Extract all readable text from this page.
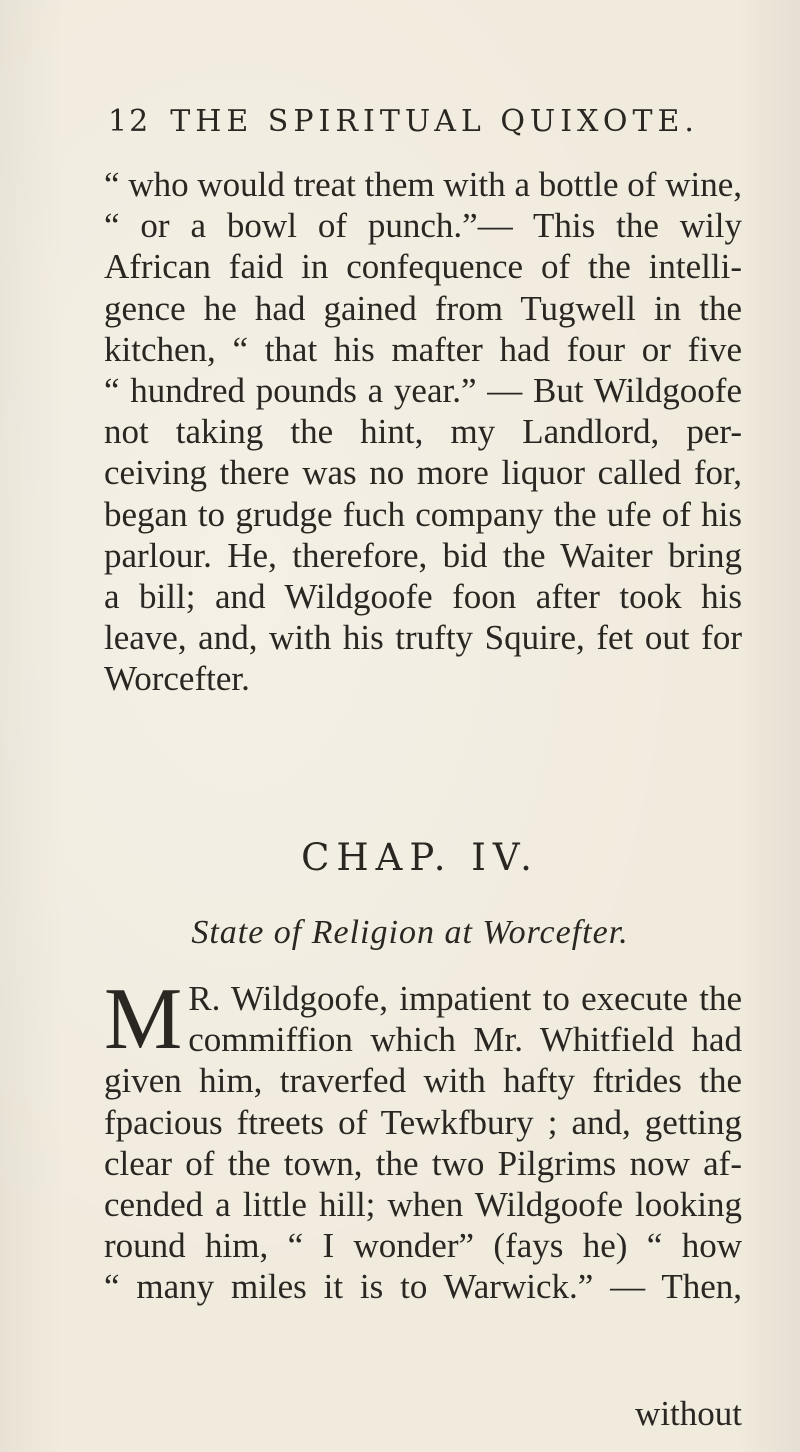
12 THE SPIRITUAL QUIXOTE.
“ who would treat them with a bottle of wine,
“ or a bowl of punch.”— This the wily
African faid in confequence of the intelli-
gence he had gained from Tugwell in the
kitchen, “ that his mafter had four or five
“ hundred pounds a year.” — But Wildgoofe
not taking the hint, my Landlord, per-
ceiving there was no more liquor called for,
began to grudge fuch company the ufe of his
parlour. He, therefore, bid the Waiter bring
a bill; and Wildgoofe foon after took his
leave, and, with his trufty Squire, fet out for
Worcefter.
CHAP. IV.
State of Religion at Worcefter.
M R. Wildgoofe, impatient to execute the
commiffion which Mr. Whitfield had
given him, traverfed with hafty ftrides the
fpacious ftreets of Tewkfbury ; and, getting
clear of the town, the two Pilgrims now af-
cended a little hill; when Wildgoofe looking
round him, “ I wonder” (fays he) “ how
“ many miles it is to Warwick.” — Then,
without
